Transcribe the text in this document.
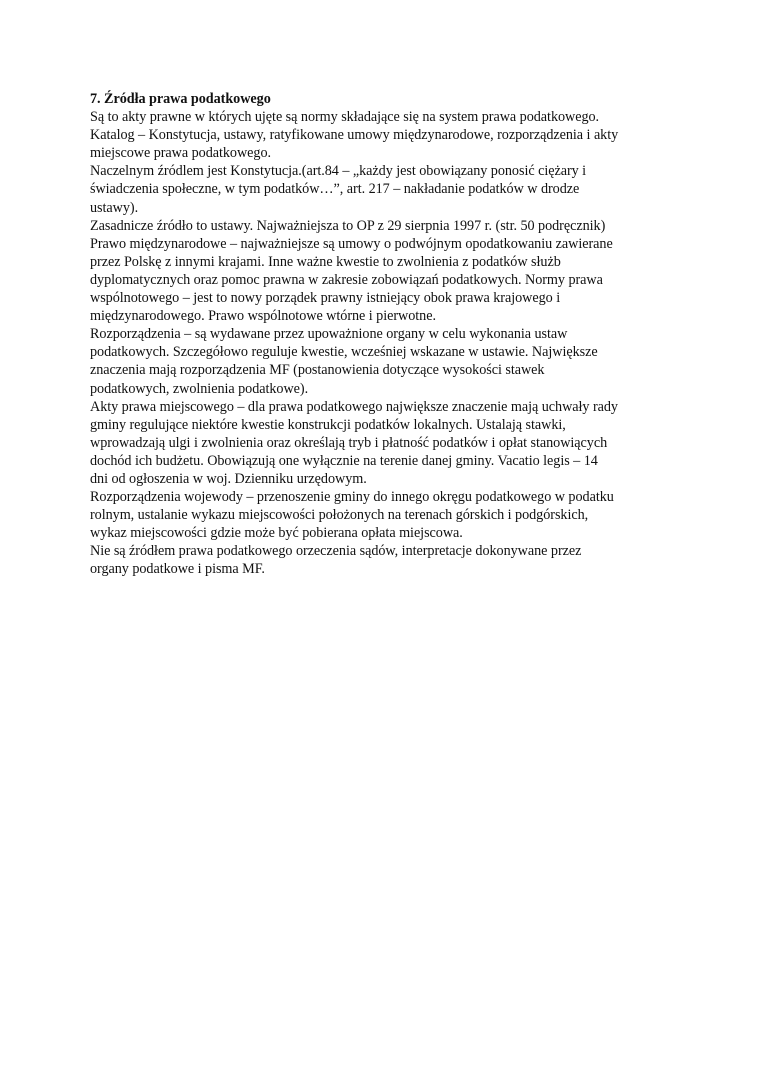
7. Źródła prawa podatkowego

Są to akty prawne w których ujęte są normy składające się na system prawa podatkowego.

Katalog – Konstytucja, ustawy, ratyfikowane umowy międzynarodowe, rozporządzenia i akty

miejscowe prawa podatkowego.

Naczelnym źródlem jest Konstytucja.(art.84 – „każdy jest obowiązany ponosić ciężary i

świadczenia społeczne, w tym podatków…”, art. 217 – nakładanie podatków w drodze

ustawy).

Zasadnicze źródło to ustawy. Najważniejsza to OP z 29 sierpnia 1997 r. (str. 50 podręcznik)

Prawo międzynarodowe – najważniejsze są umowy o podwójnym opodatkowaniu zawierane

przez Polskę z innymi krajami. Inne ważne kwestie to zwolnienia z podatków służb

dyplomatycznych oraz pomoc prawna w zakresie zobowiązań podatkowych. Normy prawa

wspólnotowego – jest to nowy porządek prawny istniejący obok prawa krajowego i

międzynarodowego. Prawo wspólnotowe wtórne i pierwotne.

Rozporządzenia – są wydawane przez upoważnione organy w celu wykonania ustaw

podatkowych. Szczegółowo reguluje kwestie, wcześniej wskazane w ustawie. Największe

znaczenia mają rozporządzenia MF (postanowienia dotyczące wysokości stawek

podatkowych, zwolnienia podatkowe).

Akty prawa miejscowego – dla prawa podatkowego największe znaczenie mają uchwały rady

gminy regulujące niektóre kwestie konstrukcji podatków lokalnych. Ustalają stawki,

wprowadzają ulgi i zwolnienia oraz określają tryb i płatność podatków i opłat stanowiących

dochód ich budżetu. Obowiązują one wyłącznie na terenie danej gminy. Vacatio legis – 14

dni od ogłoszenia w woj. Dzienniku urzędowym.

Rozporządzenia wojewody – przenoszenie gminy do innego okręgu podatkowego w podatku

rolnym, ustalanie wykazu miejscowości położonych na terenach górskich i podgórskich,

wykaz miejscowości gdzie może być pobierana opłata miejscowa.

Nie są źródłem prawa podatkowego orzeczenia sądów, interpretacje dokonywane przez

organy podatkowe i pisma MF.
